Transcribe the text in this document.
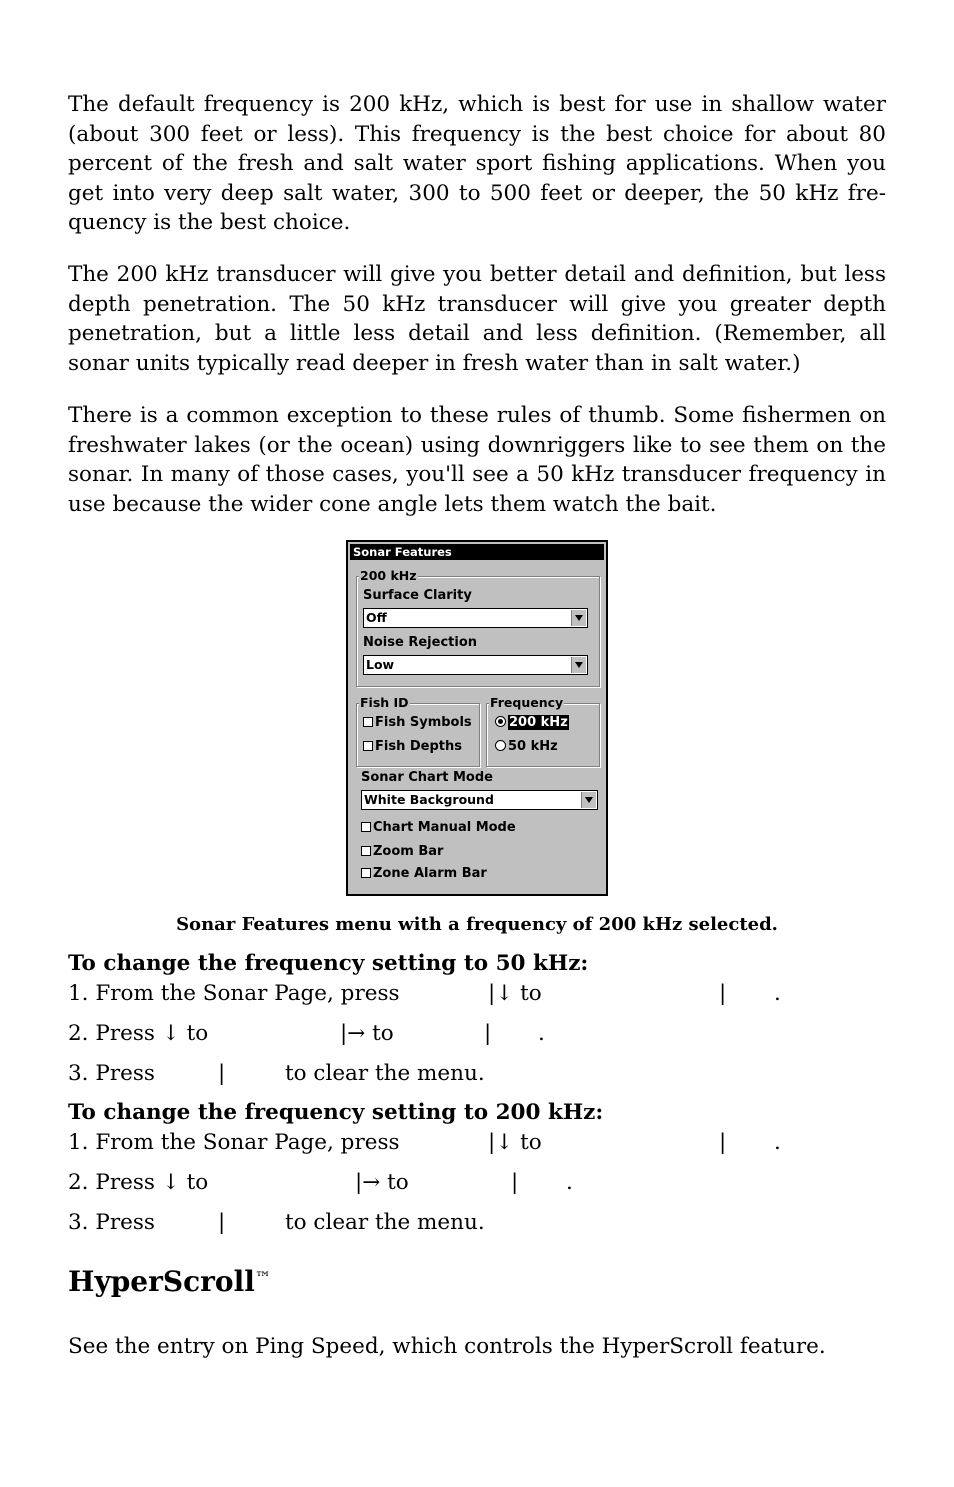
The default frequency is 200 kHz, which is best for use in shallow water (about 300 feet or less). This frequency is the best choice for about 80 percent of the fresh and salt water sport fishing applications. When you get into very deep salt water, 300 to 500 feet or deeper, the 50 kHz fre-quency is the best choice.

The 200 kHz transducer will give you better detail and definition, but less depth penetration. The 50 kHz transducer will give you greater depth penetration, but a little less detail and less definition. (Remember, all sonar units typically read deeper in fresh water than in salt water.)

There is a common exception to these rules of thumb. Some fishermen on freshwater lakes (or the ocean) using downriggers like to see them on the sonar. In many of those cases, you'll see a 50 kHz transducer frequency in use because the wider cone angle lets them watch the bait.

Sonar Features
200 kHz
Surface Clarity
Off
Noise Rejection
Low
Fish ID
Fish Symbols
Fish Depths
Frequency
200 kHz
50 kHz
Sonar Chart Mode
White Background
Chart Manual Mode
Zoom Bar
Zone Alarm Bar
Sonar Features menu with a frequency of 200 kHz selected.

To change the frequency setting to 50 kHz:

1. From the Sonar Page, press	|↓ to	| .
2. Press ↓ to	|→ to	| .
3. Press	|	to clear the menu.

To change the frequency setting to 200 kHz:

1. From the Sonar Page, press	|↓ to	| .
2. Press ↓ to	|→ to	| .
3. Press	|	to clear the menu.
HyperScroll™

See the entry on Ping Speed, which controls the HyperScroll feature.
